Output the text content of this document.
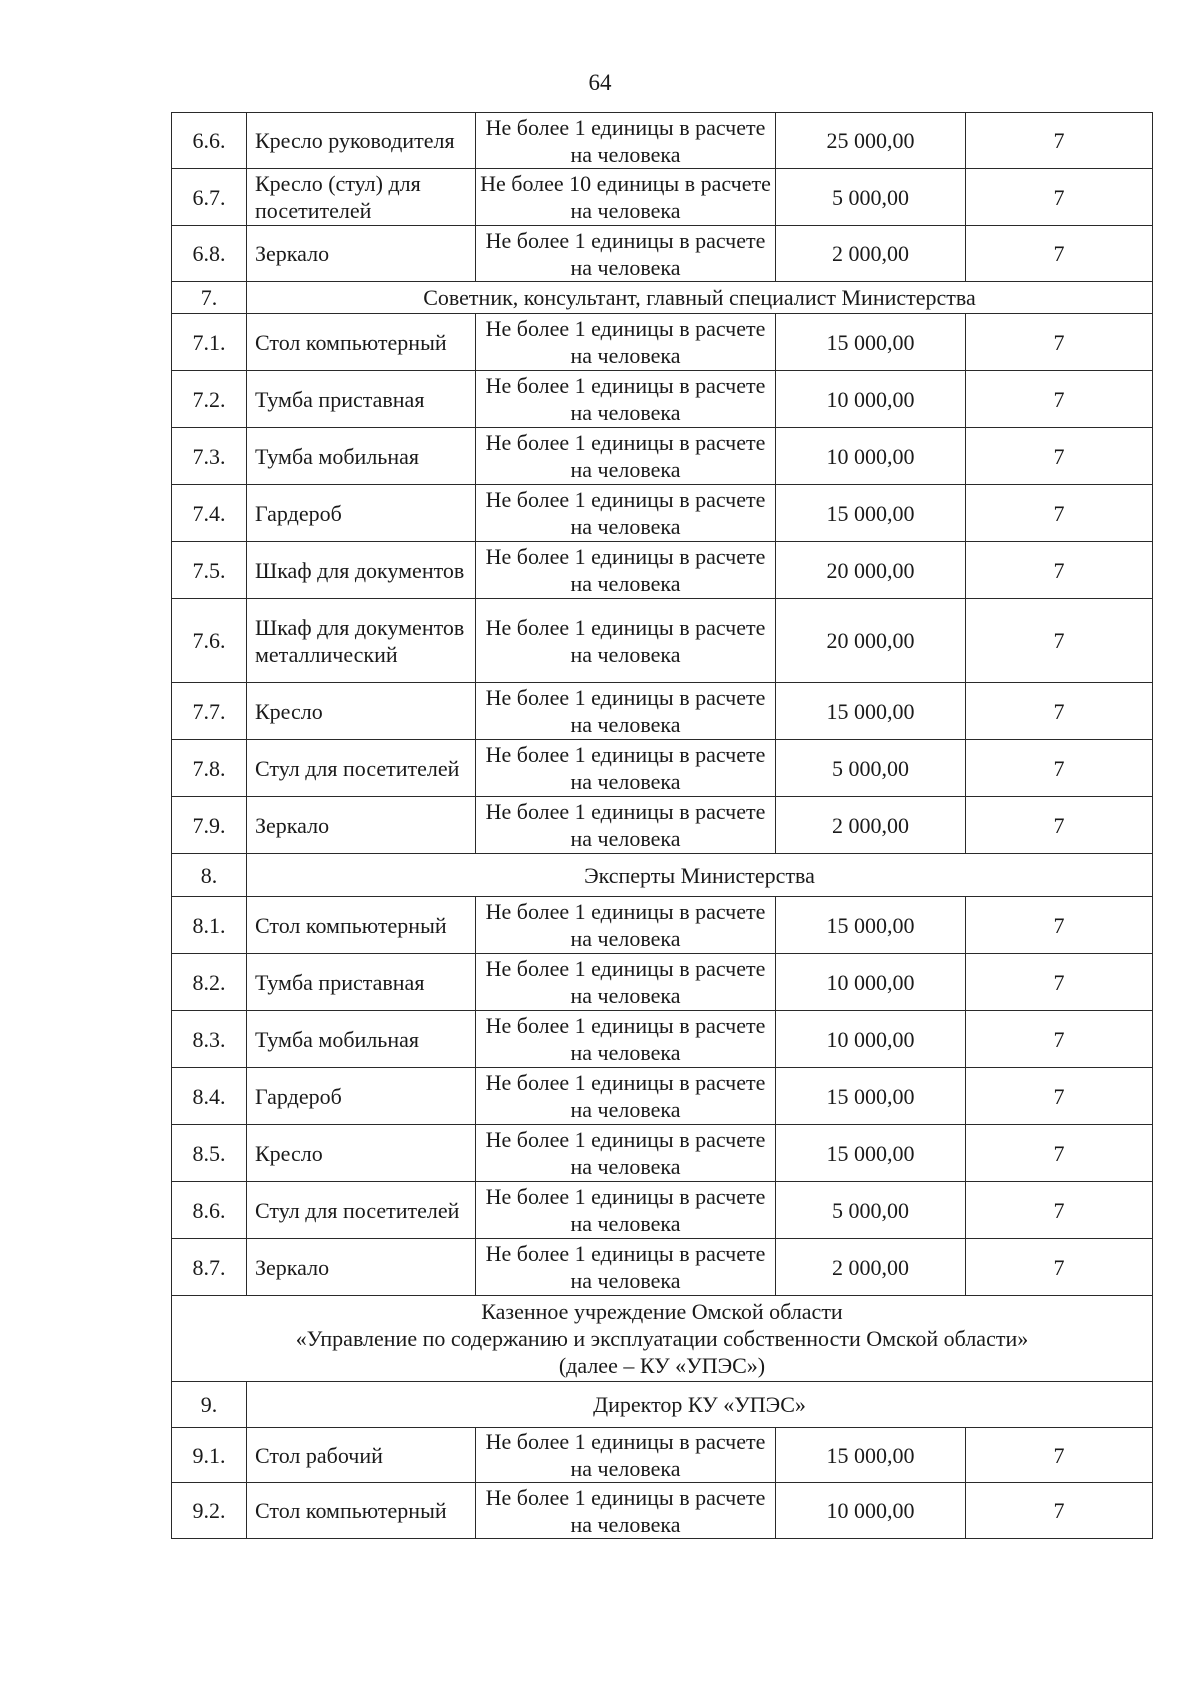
64
6.6.	Кресло руководителя	Не более 1 единицы в расчете на человека	25 000,00	7
6.7.	Кресло (стул) для посетителей	Не более 10 единицы в расчете на человека	5 000,00	7
6.8.	Зеркало	Не более 1 единицы в расчете на человека	2 000,00	7
7.	Советник, консультант, главный специалист Министерства			
7.1.	Стол компьютерный	Не более 1 единицы в расчете на человека	15 000,00	7
7.2.	Тумба приставная	Не более 1 единицы в расчете на человека	10 000,00	7
7.3.	Тумба мобильная	Не более 1 единицы в расчете на человека	10 000,00	7
7.4.	Гардероб	Не более 1 единицы в расчете на человека	15 000,00	7
7.5.	Шкаф для документов	Не более 1 единицы в расчете на человека	20 000,00	7
7.6.	Шкаф для документов металлический	Не более 1 единицы в расчете на человека	20 000,00	7
7.7.	Кресло	Не более 1 единицы в расчете на человека	15 000,00	7
7.8.	Стул для посетителей	Не более 1 единицы в расчете на человека	5 000,00	7
7.9.	Зеркало	Не более 1 единицы в расчете на человека	2 000,00	7
8.	Эксперты Министерства			
8.1.	Стол компьютерный	Не более 1 единицы в расчете на человека	15 000,00	7
8.2.	Тумба приставная	Не более 1 единицы в расчете на человека	10 000,00	7
8.3.	Тумба мобильная	Не более 1 единицы в расчете на человека	10 000,00	7
8.4.	Гардероб	Не более 1 единицы в расчете на человека	15 000,00	7
8.5.	Кресло	Не более 1 единицы в расчете на человека	15 000,00	7
8.6.	Стул для посетителей	Не более 1 единицы в расчете на человека	5 000,00	7
8.7.	Зеркало	Не более 1 единицы в расчете на человека	2 000,00	7

Казенное учреждение Омской области
«Управление по содержанию и эксплуатации собственности Омской области»
(далее – КУ «УПЭС»)				

9.	Директор КУ «УПЭС»			
9.1.	Стол рабочий	Не более 1 единицы в расчете на человека	15 000,00	7
9.2.	Стол компьютерный	Не более 1 единицы в расчете на человека	10 000,00	7
